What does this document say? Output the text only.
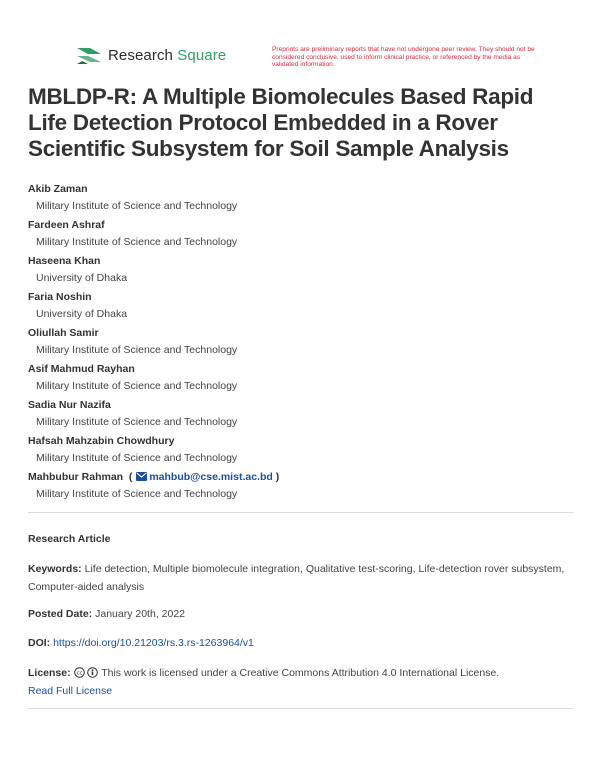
Research Square	Preprints are preliminary reports that have not undergone peer review. They should not be considered conclusive, used to inform clinical practice, or referenced by the media as validated information.
MBLDP-R: A Multiple Biomolecules Based Rapid Life Detection Protocol Embedded in a Rover Scientific Subsystem for Soil Sample Analysis
Akib Zaman
Military Institute of Science and Technology
Fardeen Ashraf
Military Institute of Science and Technology
Haseena Khan
University of Dhaka
Faria Noshin
University of Dhaka
Oliullah Samir
Military Institute of Science and Technology
Asif Mahmud Rayhan
Military Institute of Science and Technology
Sadia Nur Nazifa
Military Institute of Science and Technology
Hafsah Mahzabin Chowdhury
Military Institute of Science and Technology
Mahbubur Rahman  ( mahbub@cse.mist.ac.bd )
Military Institute of Science and Technology
Research Article
Keywords: Life detection, Multiple biomolecule integration, Qualitative test-scoring, Life-detection rover subsystem, Computer-aided analysis
Posted Date: January 20th, 2022
DOI: https://doi.org/10.21203/rs.3.rs-1263964/v1
License: cc This work is licensed under a Creative Commons Attribution 4.0 International License.
Read Full License
